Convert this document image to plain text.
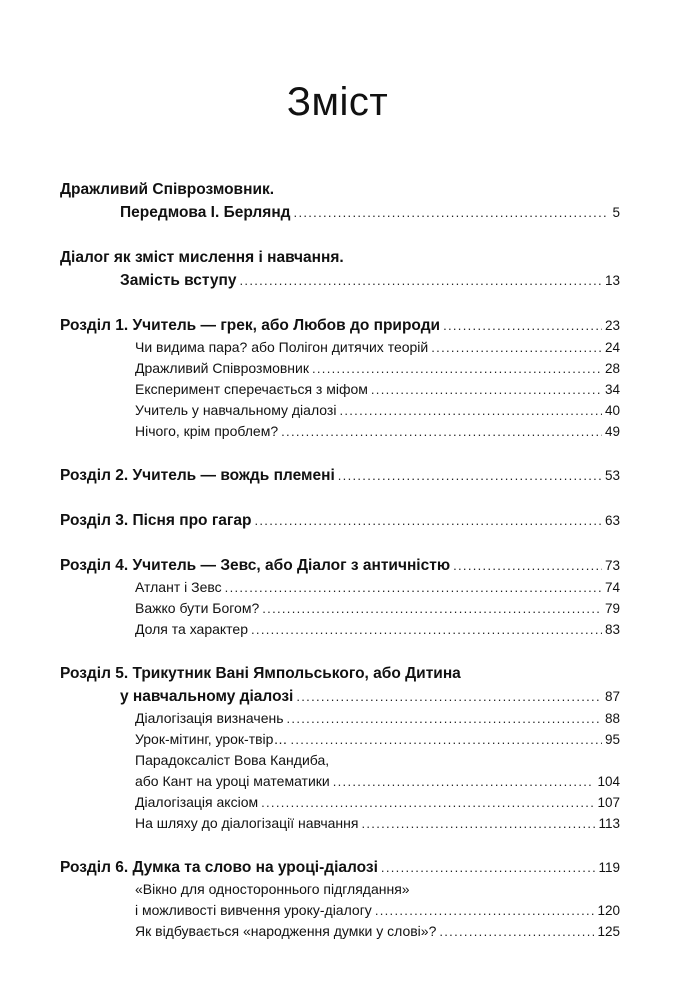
Зміст
Дражливий Співрозмовник.
Передмова І. Берлянд .....	5
Діалог як зміст мислення і навчання.
Замість вступу .....	13
Розділ 1. Учитель — грек, або Любов до природи .....	23
Чи видима пара? або Полігон дитячих теорій .....	24
Дражливий Співрозмовник .....	28
Експеримент сперечається з міфом .....	34
Учитель у навчальному діалозі .....	40
Нічого, крім проблем? .....	49
Розділ 2. Учитель — вождь племені .....	53
Розділ 3. Пісня про гагар .....	63
Розділ 4. Учитель — Зевс, або Діалог з античністю .....	73
Атлант і Зевс .....	74
Важко бути Богом? .....	79
Доля та характер .....	83
Розділ 5. Трикутник Вані Ямпольського, або Дитина
у навчальному діалозі .....	87
Діалогізація визначень .....	88
Урок-мітинг, урок-твір… .....	95
Парадоксаліст Вова Кандиба,
або Кант на уроці математики .....	104
Діалогізація аксіом .....	107
На шляху до діалогізації навчання .....	113
Розділ 6. Думка та слово на уроці-діалозі .....	119
«Вікно для одностороннього підглядання»
і можливості вивчення уроку-діалогу .....	120
Як відбувається «народження думки у слові»? .....	125
